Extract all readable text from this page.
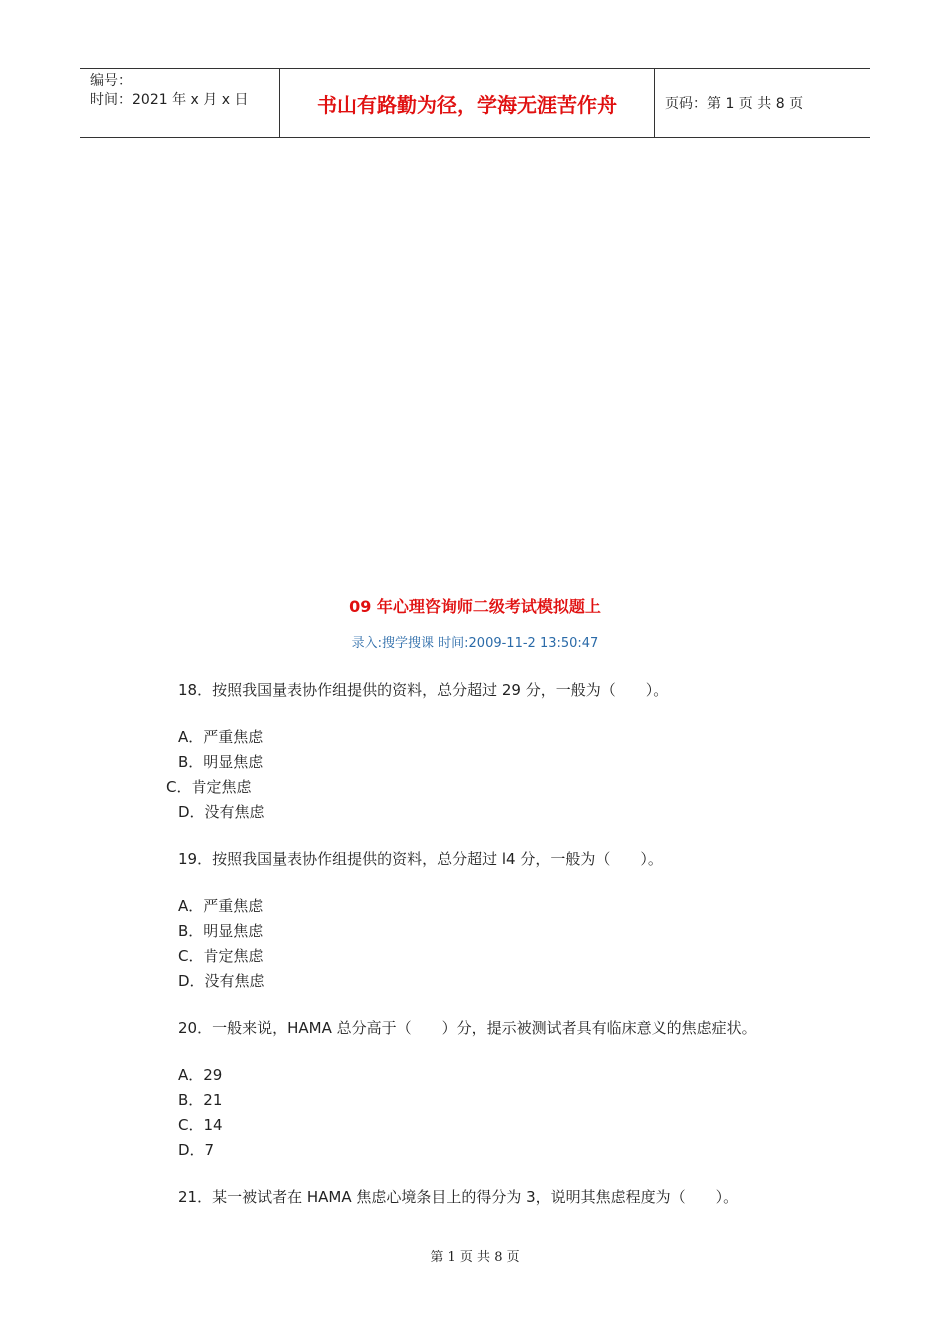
编号：
时间：2021 年 x 月 x 日	书山有路勤为径，学海无涯苦作舟	页码：第 1 页 共 8 页
09 年心理咨询师二级考试模拟题上
录入:搜学搜课 时间:2009-11-2 13:50:47
18．按照我国量表协作组提供的资料，总分超过 29 分，一般为（　　）。
A．严重焦虑
B．明显焦虑
C．肯定焦虑
D．没有焦虑
19．按照我国量表协作组提供的资料，总分超过 l4 分，一般为（　　）。
A．严重焦虑
B．明显焦虑
C．肯定焦虑
D．没有焦虑
20．一般来说，HAMA 总分高于（　　）分，提示被测试者具有临床意义的焦虑症状。
A．29
B．21
C．14
D．7
21．某一被试者在 HAMA 焦虑心境条目上的得分为 3，说明其焦虑程度为（　　）。
第 1 页 共 8 页
